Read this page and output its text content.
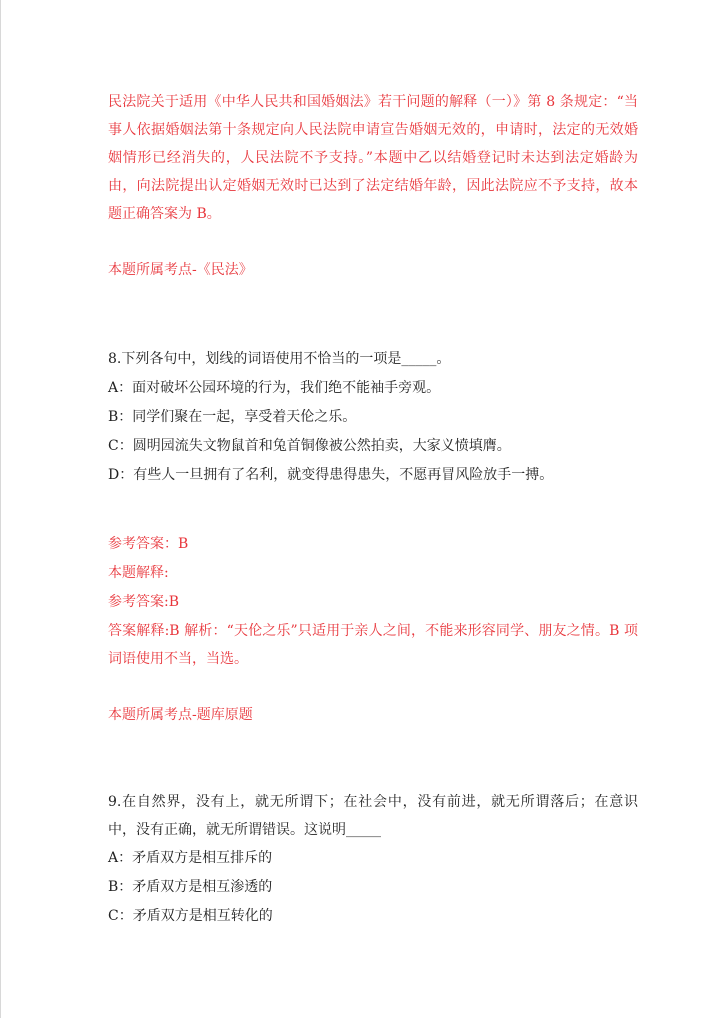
民法院关于适用《中华人民共和国婚姻法》若干问题的解释（一）》第 8 条规定：“当事人依据婚姻法第十条规定向人民法院申请宣告婚姻无效的，申请时，法定的无效婚姻情形已经消失的，人民法院不予支持。”本题中乙以结婚登记时未达到法定婚龄为由，向法院提出认定婚姻无效时已达到了法定结婚年龄，因此法院应不予支持，故本题正确答案为 B。

本题所属考点-《民法》

8.下列各句中，划线的词语使用不恰当的一项是_____。

A：面对破坏公园环境的行为，我们绝不能袖手旁观。

B：同学们聚在一起，享受着天伦之乐。

C：圆明园流失文物鼠首和兔首铜像被公然拍卖，大家义愤填膺。

D：有些人一旦拥有了名利，就变得患得患失，不愿再冒风险放手一搏。

参考答案：B

本题解释:

参考答案:B

答案解释:B 解析：“天伦之乐”只适用于亲人之间，不能来形容同学、朋友之情。B 项词语使用不当，当选。

本题所属考点-题库原题

9.在自然界，没有上，就无所谓下；在社会中，没有前进，就无所谓落后；在意识中，没有正确，就无所谓错误。这说明_____

A：矛盾双方是相互排斥的

B：矛盾双方是相互渗透的

C：矛盾双方是相互转化的
